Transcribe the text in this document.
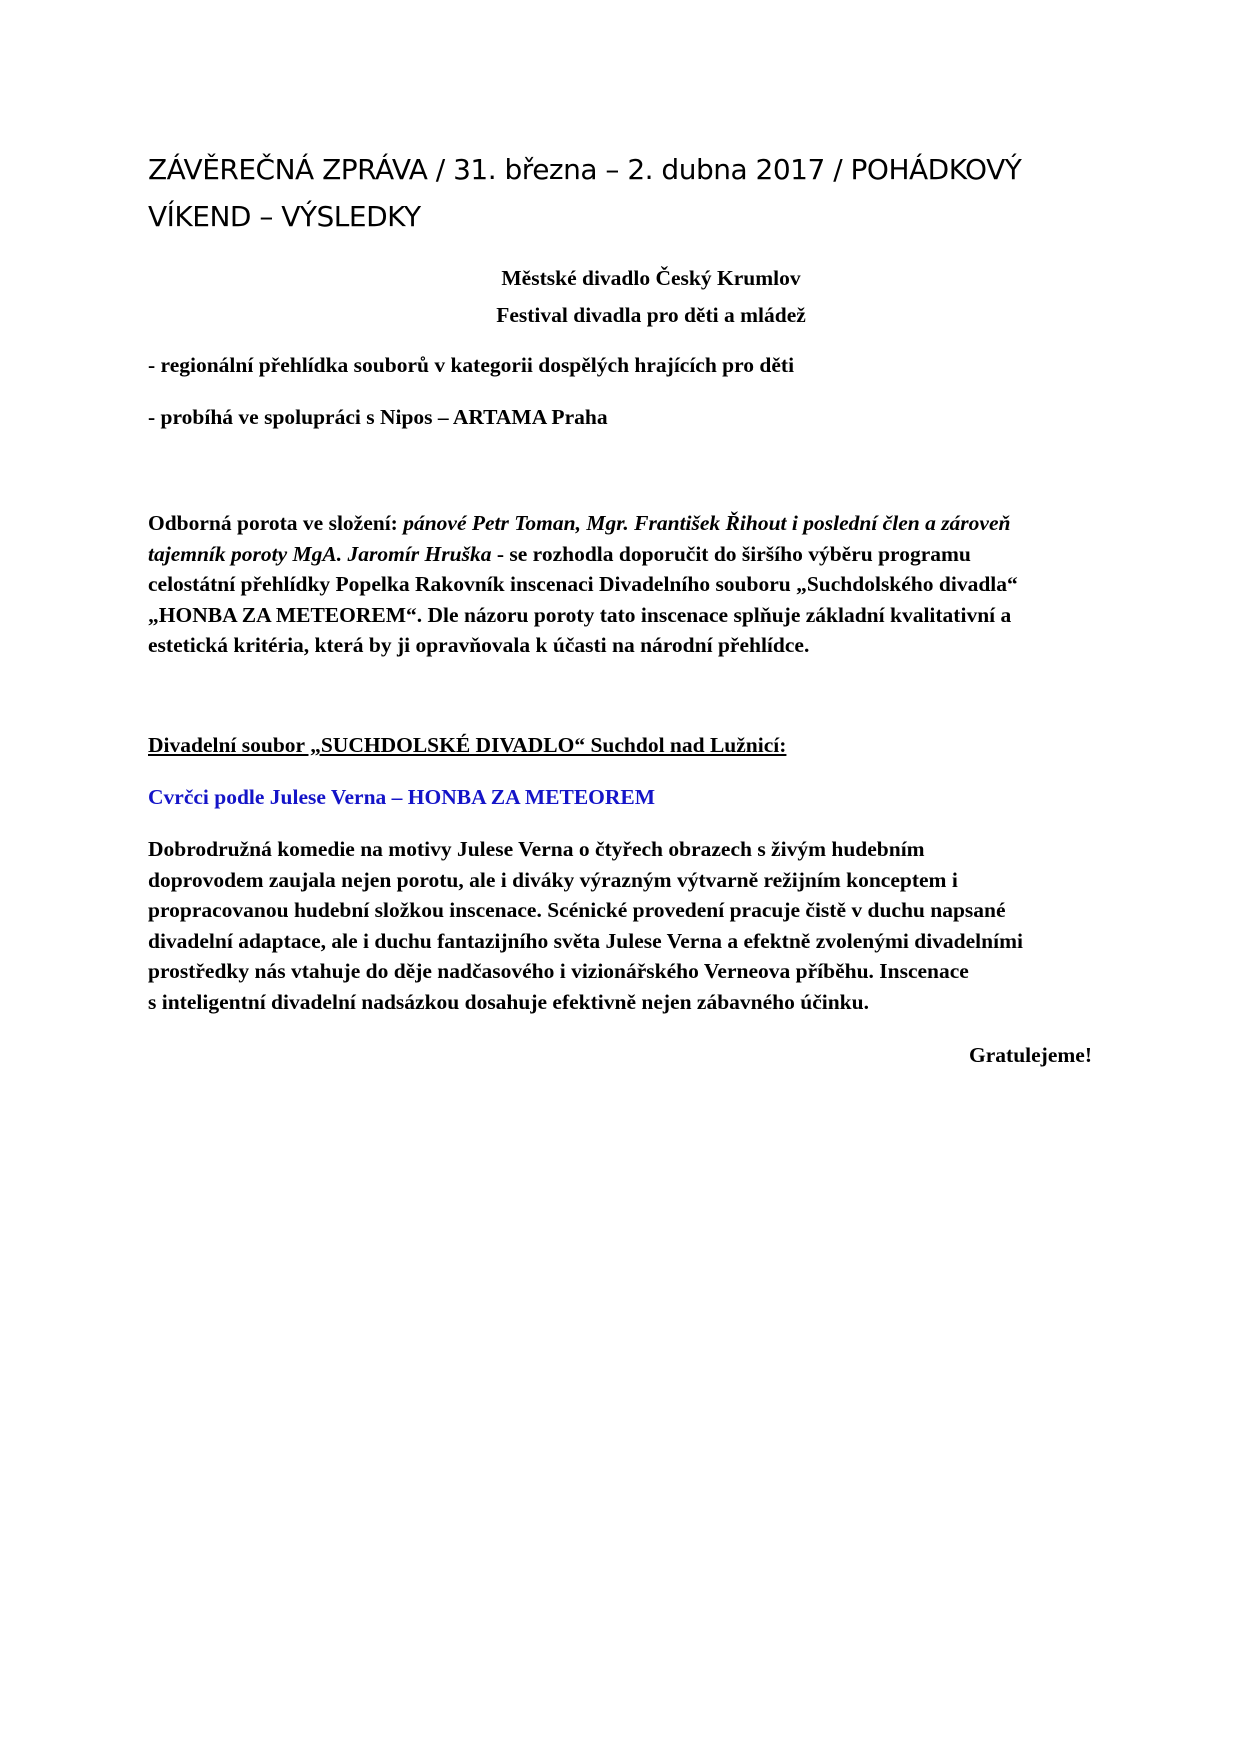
ZÁVĚREČNÁ ZPRÁVA / 31. března – 2. dubna 2017 / POHÁDKOVÝ
VÍKEND – VÝSLEDKY

Městské divadlo Český Krumlov

Festival divadla pro děti a mládež

- regionální přehlídka souborů v kategorii dospělých hrajících pro děti

- probíhá ve spolupráci s Nipos – ARTAMA Praha

Odborná porota ve složení: pánové Petr Toman, Mgr. František Řihout i poslední člen a zároveň
tajemník poroty MgA. Jaromír Hruška - se rozhodla doporučit do širšího výběru programu
celostátní přehlídky Popelka Rakovník inscenaci Divadelního souboru „Suchdolského divadla“
„HONBA ZA METEOREM“. Dle názoru poroty tato inscenace splňuje základní kvalitativní a
estetická kritéria, která by ji opravňovala k účasti na národní přehlídce.

Divadelní soubor „SUCHDOLSKÉ DIVADLO“ Suchdol nad Lužnicí:

Cvrčci podle Julese Verna – HONBA ZA METEOREM

Dobrodružná komedie na motivy Julese Verna o čtyřech obrazech s živým hudebním
doprovodem zaujala nejen porotu, ale i diváky výrazným výtvarně režijním konceptem i
propracovanou hudební složkou inscenace. Scénické provedení pracuje čistě v duchu napsané
divadelní adaptace, ale i duchu fantazijního světa Julese Verna a efektně zvolenými divadelními
prostředky nás vtahuje do děje nadčasového i vizionářského Verneova příběhu. Inscenace
s inteligentní divadelní nadsázkou dosahuje efektivně nejen zábavného účinku.

Gratulejeme!
